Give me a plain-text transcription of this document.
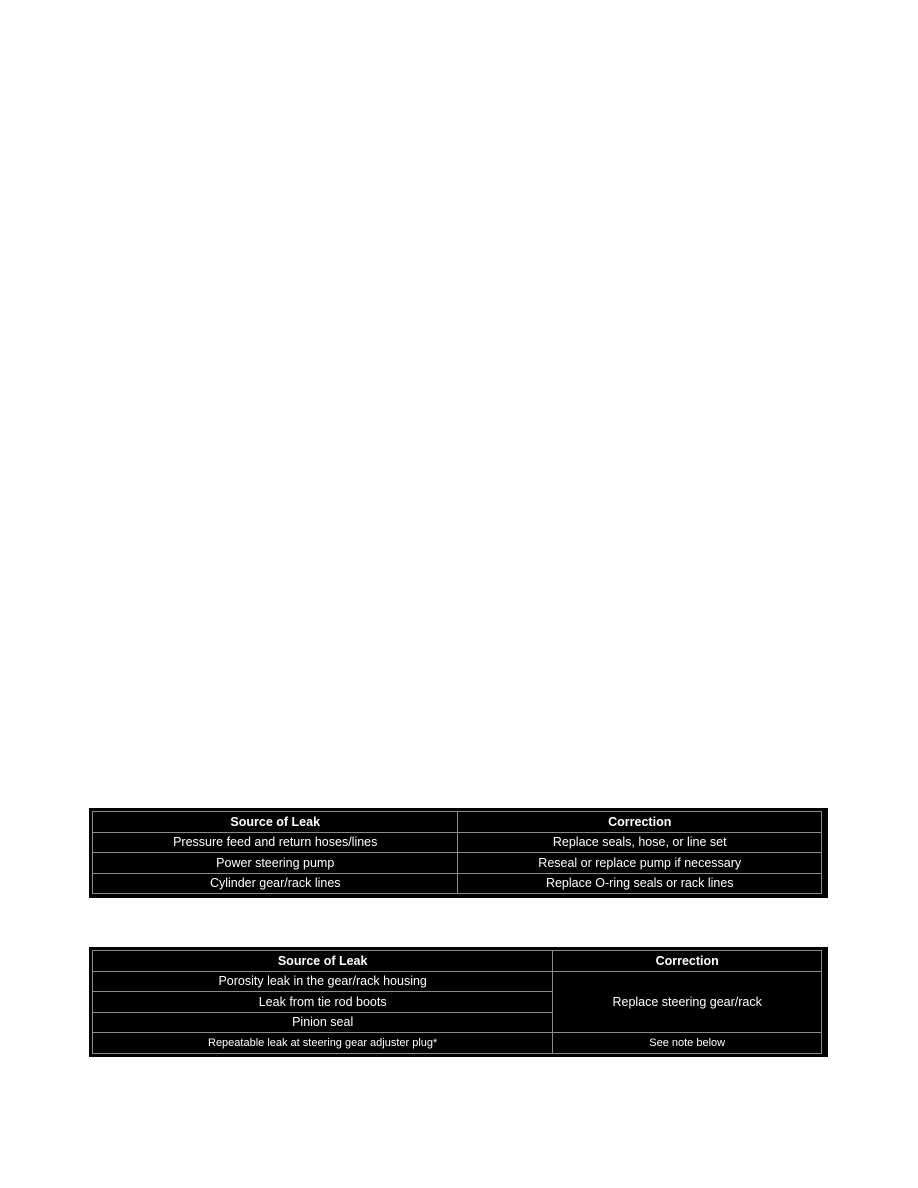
Source of Leak	Correction
Pressure feed and return hoses/lines	Replace seals, hose, or line set
Power steering pump	Reseal or replace pump if necessary
Cylinder gear/rack lines	Replace O-ring seals or rack lines
Source of Leak	Correction
Porosity leak in the gear/rack housing	Replace steering gear/rack
Leak from tie rod boots	
Pinion seal	
Repeatable leak at steering gear adjuster plug*	See note below
